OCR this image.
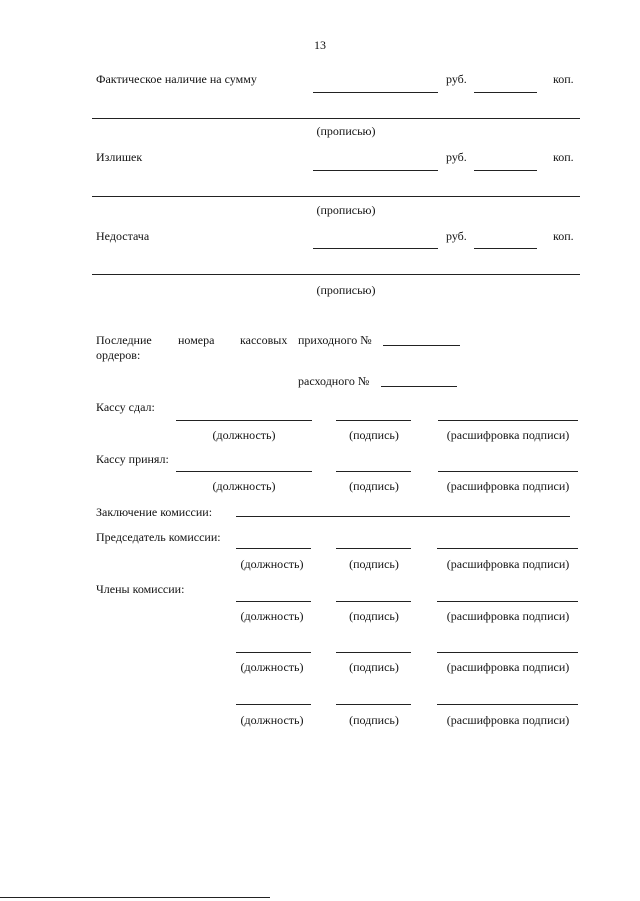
13
Фактическое наличие на сумму	руб.	коп.
(прописью)
Излишек	руб.	коп.
(прописью)
Недостача	руб.	коп.
(прописью)
Последние номера кассовых приходного №
ордеров:
расходного №
Кассу сдал:
(должность)	(подпись)	(расшифровка подписи)
Кассу принял:
(должность)	(подпись)	(расшифровка подписи)
Заключение комиссии:
Председатель комиссии:
(должность)	(подпись)	(расшифровка подписи)
Члены комиссии:
(должность)	(подпись)	(расшифровка подписи)
(должность)	(подпись)	(расшифровка подписи)
(должность)	(подпись)	(расшифровка подписи)
